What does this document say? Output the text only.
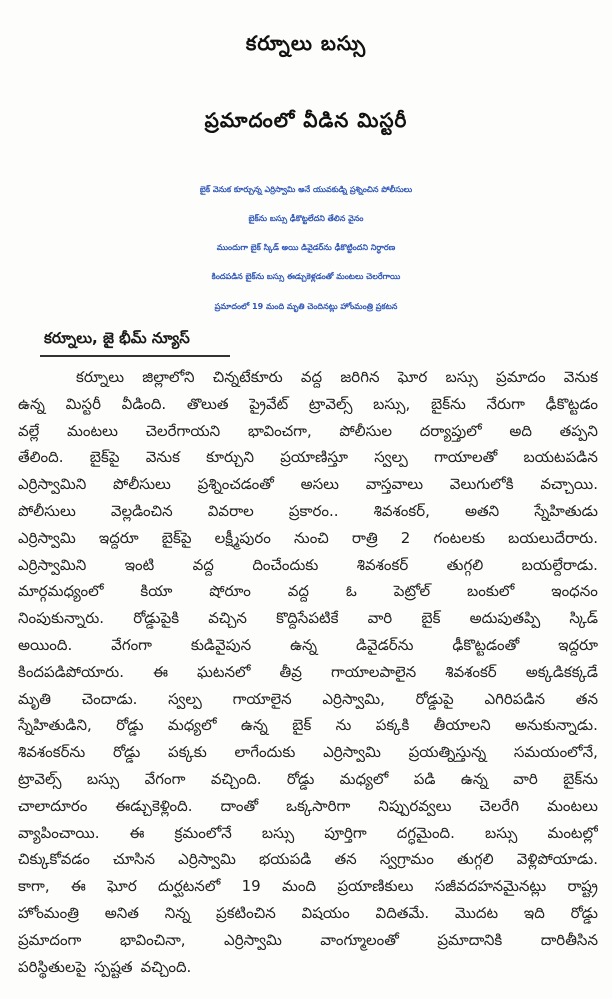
కర్నూలు బస్సు
ప్రమాదంలో వీడిన మిస్టరీ
బైక్ వెనుక కూర్చున్న ఎర్రిస్వామి అనే యువకుడ్ని ప్రశ్నించిన పోలీసులు
బైక్‌ను బస్సు ఢీకొట్టలేదని తేలిన వైనం
ముందుగా బైక్ స్కిడ్ అయి డివైడర్‌ను ఢీకొట్టిందని నిర్ధారణ
కిందపడిన బైక్‌ను బస్సు ఈడ్చుకెళ్లడంతో మంటలు చెలరేగాయి
ప్రమాదంలో 19 మంది మృతి చెందినట్లు హోంమంత్రి ప్రకటన
కర్నూలు, జై భీమ్ న్యూస్
కర్నూలు జిల్లాలోని చిన్నటేకూరు వద్ద జరిగిన ఘోర బస్సు ప్రమాదం వెనుక
ఉన్న మిస్టరీ వీడింది. తొలుత ప్రైవేట్ ట్రావెల్స్ బస్సు, బైక్‌ను నేరుగా ఢీకొట్టడం
వల్లే మంటలు చెలరేగాయని భావించగా, పోలీసుల దర్యాప్తులో అది తప్పని
తేలింది. బైక్‌పై వెనుక కూర్చుని ప్రయాణిస్తూ స్వల్ప గాయాలతో బయటపడిన
ఎర్రిస్వామిని పోలీసులు ప్రశ్నించడంతో అసలు వాస్తవాలు వెలుగులోకి వచ్చాయి.
పోలీసులు వెల్లడించిన వివరాల ప్రకారం.. శివశంకర్, అతని స్నేహితుడు
ఎర్రిస్వామి ఇద్దరూ బైక్‌పై లక్ష్మీపురం నుంచి రాత్రి 2 గంటలకు బయలుదేరారు.
ఎర్రిస్వామిని	ఇంటి	వద్ద	దించేందుకు	శివశంకర్	తుగ్గలి	బయల్దేరాడు.
మార్గమధ్యంలో కియా షోరూం వద్ద ఓ పెట్రోల్ బంకులో ఇంధనం
నింపుకున్నారు. రోడ్డుపైకి వచ్చిన కొద్దిసేపటికే వారి బైక్ అదుపుతప్పి స్కిడ్
అయింది.	వేగంగా	కుడివైపున	ఉన్న	డివైడర్‌ను	ఢీకొట్టడంతో	ఇద్దరూ
కిందపడిపోయారు. ఈ ఘటనలో తీవ్ర గాయాలపాలైన శివశంకర్ అక్కడికక్కడే
మృతి చెందాడు. స్వల్ప గాయాలైన ఎర్రిస్వామి, రోడ్డుపై ఎగిరిపడిన తన
స్నేహితుడిని, రోడ్డు మధ్యలో ఉన్న బైక్ ను పక్కకి తీయాలని అనుకున్నాడు.
శివశంకర్‌ను రోడ్డు పక్కకు లాగేందుకు ఎర్రిస్వామి ప్రయత్నిస్తున్న సమయంలోనే,
ట్రావెల్స్ బస్సు వేగంగా వచ్చింది. రోడ్డు మధ్యలో పడి ఉన్న వారి బైక్‌ను
చాలాదూరం ఈడ్చుకెళ్లింది. దాంతో ఒక్కసారిగా నిప్పురవ్వలు చెలరేగి మంటలు
వ్యాపించాయి. ఈ క్రమంలోనే బస్సు పూర్తిగా దగ్ధమైంది. బస్సు మంటల్లో
చిక్కుకోవడం చూసిన ఎర్రిస్వామి భయపడి తన స్వగ్రామం తుగ్గలి వెళ్లిపోయాడు.
కాగా, ఈ ఘోర దుర్ఘటనలో 19 మంది ప్రయాణికులు సజీవదహనమైనట్లు రాష్ట్ర
హోంమంత్రి అనిత నిన్న ప్రకటించిన విషయం విదితమే. మొదట ఇది రోడ్డు
ప్రమాదంగా	భావించినా,	ఎర్రిస్వామి	వాంగ్మూలంతో	ప్రమాదానికి	దారితీసిన
పరిస్థితులపై స్పష్టత వచ్చింది.
